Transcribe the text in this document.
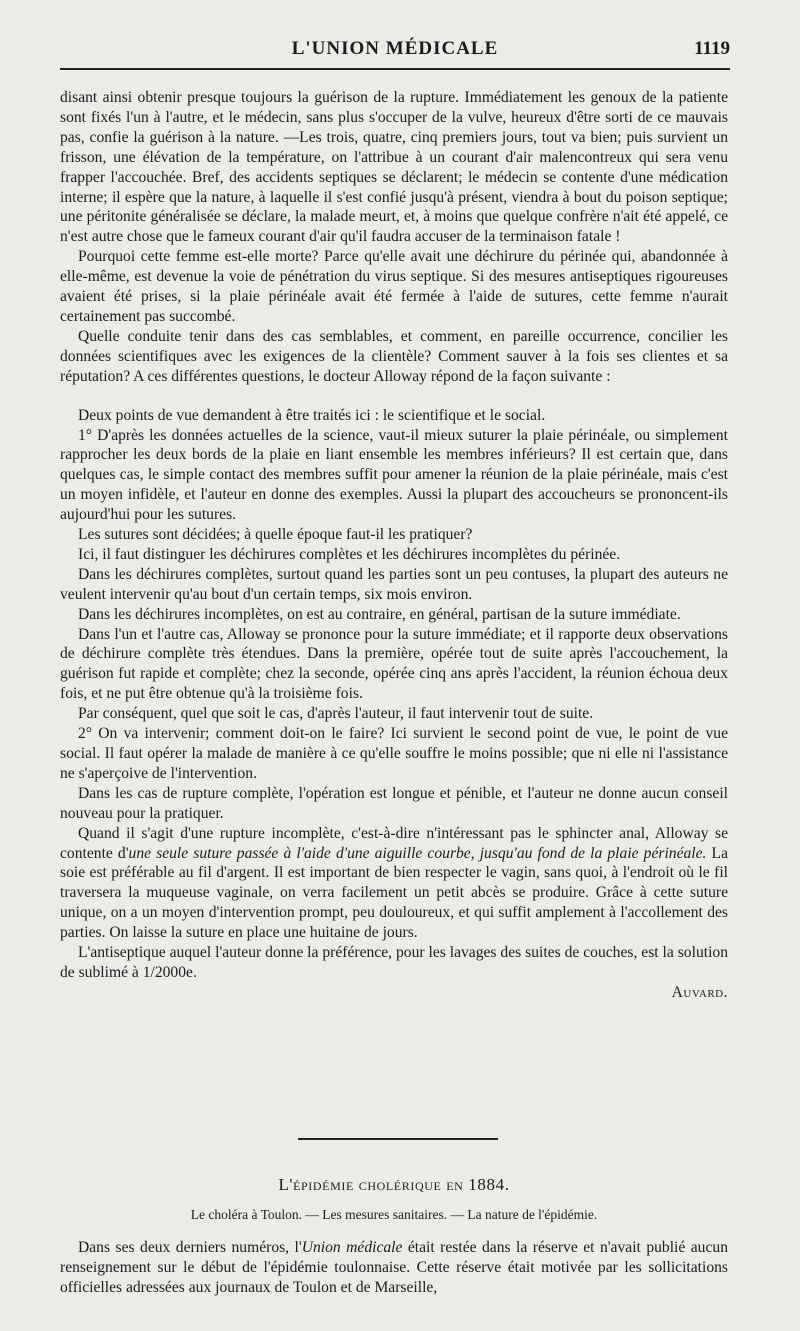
L'UNION MÉDICALE	1119

disant ainsi obtenir presque toujours la guérison de la rupture. Immédiatement les genoux de la patiente sont fixés l'un à l'autre, et le médecin, sans plus s'occuper de la vulve, heureux d'être sorti de ce mauvais pas, confie la guérison à la nature. —Les trois, quatre, cinq premiers jours, tout va bien; puis survient un frisson, une élévation de la température, on l'attribue à un courant d'air malencontreux qui sera venu frapper l'accouchée. Bref, des accidents septiques se déclarent; le médecin se contente d'une médication interne; il espère que la nature, à laquelle il s'est confié jusqu'à présent, viendra à bout du poison septique; une péritonite généralisée se déclare, la malade meurt, et, à moins que quelque confrère n'ait été appelé, ce n'est autre chose que le fameux courant d'air qu'il faudra accuser de la terminaison fatale !

Pourquoi cette femme est-elle morte? Parce qu'elle avait une déchirure du périnée qui, abandonnée à elle-même, est devenue la voie de pénétration du virus septique. Si des mesures antiseptiques rigoureuses avaient été prises, si la plaie périnéale avait été fermée à l'aide de sutures, cette femme n'aurait certainement pas succombé.

Quelle conduite tenir dans des cas semblables, et comment, en pareille occurrence, concilier les données scientifiques avec les exigences de la clientèle? Comment sauver à la fois ses clientes et sa réputation? A ces différentes questions, le docteur Alloway répond de la façon suivante :

Deux points de vue demandent à être traités ici : le scientifique et le social.

1° D'après les données actuelles de la science, vaut-il mieux suturer la plaie périnéale, ou simplement rapprocher les deux bords de la plaie en liant ensemble les membres inférieurs? Il est certain que, dans quelques cas, le simple contact des membres suffit pour amener la réunion de la plaie périnéale, mais c'est un moyen infidèle, et l'auteur en donne des exemples. Aussi la plupart des accoucheurs se prononcent-ils aujourd'hui pour les sutures.

Les sutures sont décidées; à quelle époque faut-il les pratiquer?

Ici, il faut distinguer les déchirures complètes et les déchirures incomplètes du périnée.

Dans les déchirures complètes, surtout quand les parties sont un peu contuses, la plupart des auteurs ne veulent intervenir qu'au bout d'un certain temps, six mois environ.

Dans les déchirures incomplètes, on est au contraire, en général, partisan de la suture immédiate.

Dans l'un et l'autre cas, Alloway se prononce pour la suture immédiate; et il rapporte deux observations de déchirure complète très étendues. Dans la première, opérée tout de suite après l'accouchement, la guérison fut rapide et complète; chez la seconde, opérée cinq ans après l'accident, la réunion échoua deux fois, et ne put être obtenue qu'à la troisième fois.

Par conséquent, quel que soit le cas, d'après l'auteur, il faut intervenir tout de suite.

2° On va intervenir; comment doit-on le faire? Ici survient le second point de vue, le point de vue social. Il faut opérer la malade de manière à ce qu'elle souffre le moins possible; que ni elle ni l'assistance ne s'aperçoive de l'intervention.

Dans les cas de rupture complète, l'opération est longue et pénible, et l'auteur ne donne aucun conseil nouveau pour la pratiquer.

Quand il s'agit d'une rupture incomplète, c'est-à-dire n'intéressant pas le sphincter anal, Alloway se contente d'une seule suture passée à l'aide d'une aiguille courbe, jusqu'au fond de la plaie périnéale. La soie est préférable au fil d'argent. Il est important de bien respecter le vagin, sans quoi, à l'endroit où le fil traversera la muqueuse vaginale, on verra facilement un petit abcès se produire. Grâce à cette suture unique, on a un moyen d'intervention prompt, peu douloureux, et qui suffit amplement à l'accollement des parties. On laisse la suture en place une huitaine de jours.

L'antiseptique auquel l'auteur donne la préférence, pour les lavages des suites de couches, est la solution de sublimé à 1/2000e.

Auvard.

L'épidémie cholérique en 1884.
Le choléra à Toulon. — Les mesures sanitaires. — La nature de l'épidémie.

Dans ses deux derniers numéros, l'Union médicale était restée dans la réserve et n'avait publié aucun renseignement sur le début de l'épidémie toulonnaise. Cette réserve était motivée par les sollicitations officielles adressées aux journaux de Toulon et de Marseille,
